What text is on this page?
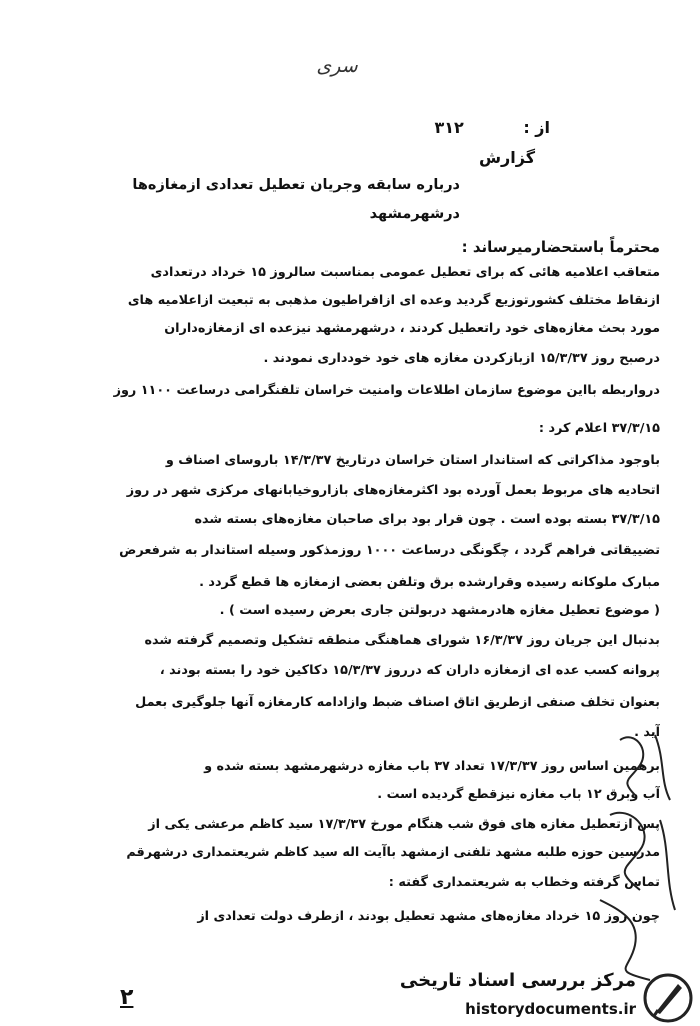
سری
از : ۳۱۲
گزارش
درباره سابقه وجریان تعطیل تعدادی ازمغازه‌ها
درشهرمشهد
محترماً باستحضارمیرساند :
متعاقب اعلامیه هائی که برای تعطیل عمومی بمناسبت سالروز ۱۵ خرداد درتعدادی
ازنقاط مختلف کشورتوزیع گردید وعده ای ازافراطیون مذهبی به تبعیت ازاعلامیه های
مورد بحث مغازه‌های خود راتعطیل کردند ، درشهرمشهد نیزعده ای ازمغازه‌داران
درصبح روز ۱۵/۳/۳۷ ازبازکردن مغازه های خود خودداری نمودند .
درواربطه بااین موضوع سازمان اطلاعات وامنیت خراسان تلفنگرامی درساعت ۱۱۰۰ روز
۳۷/۳/۱۵ اعلام کرد :
باوجود مذاکراتی که استاندار استان خراسان درتاریخ ۱۴/۳/۳۷ باروسای اصناف و
اتحادیه های مربوط بعمل آورده بود اکثرمغازه‌های بازاروخیابانهای مرکزی شهر در روز
۳۷/۳/۱۵ بسته بوده است . چون قرار بود برای صاحبان مغازه‌های بسته شده
تضییقاتی فراهم گردد ، چگونگی درساعت ۱۰۰۰ روزمذکور وسیله استاندار به شرفعرض
مبارک ملوکانه رسیده وقرارشده برق وتلفن بعضی ازمغازه ها قطع گردد .
( موضوع تعطیل مغازه هادرمشهد دربولتن جاری بعرض رسیده است ) .
بدنبال این جریان روز ۱۶/۳/۳۷ شورای هماهنگی منطقه تشکیل وتصمیم گرفته شده
پروانه کسب عده ای ازمغازه داران که درروز ۱۵/۳/۳۷ دکاکین خود را بسته بودند ،
بعنوان تخلف صنفی ازطریق اتاق اصناف ضبط وازادامه کارمغازه آنها جلوگیری بعمل
آید .
برهمین اساس روز ۱۷/۳/۳۷ تعداد ۳۷ باب مغازه درشهرمشهد بسته شده و
آب وبرق ۱۲ باب مغازه نیزقطع گردیده است .
پس ازتعطیل مغازه های فوق شب هنگام مورخ ۱۷/۳/۳۷ سید کاظم مرعشی یکی از
مدرسین حوزه طلبه مشهد تلفنی ازمشهد باآیت اله سید کاظم شریعتمداری درشهرقم
تماس گرفته وخطاب به شریعتمداری گفته :
چون روز ۱۵ خرداد مغازه‌های مشهد تعطیل بودند ، ازطرف دولت تعدادی از
۲
مرکز بررسی اسناد تاریخی
historydocuments.ir
